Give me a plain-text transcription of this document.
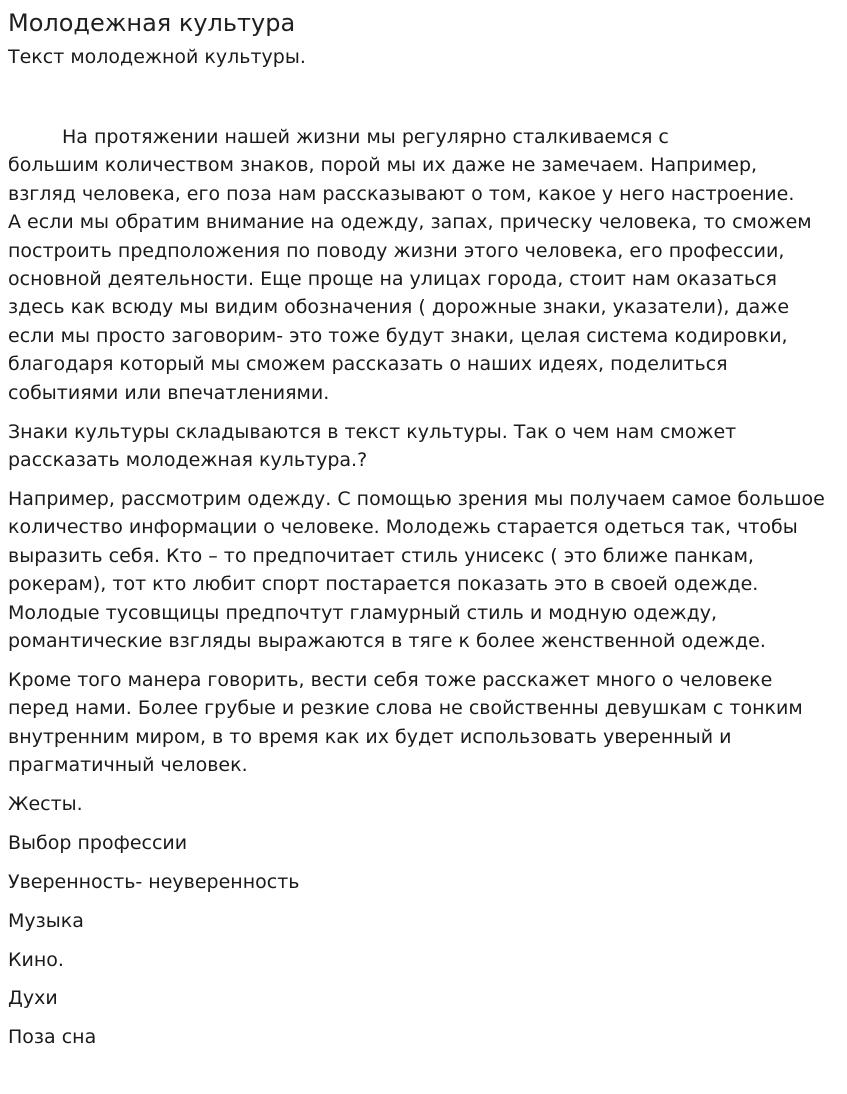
Молодежная культура
Текст молодежной культуры.

На протяжении нашей жизни мы регулярно сталкиваемся с
большим количеством знаков, порой мы их даже не замечаем. Например,
взгляд человека, его поза нам рассказывают о том, какое у него настроение.
А если мы обратим внимание на одежду, запах, прическу человека, то сможем построить предположения по поводу жизни этого человека, его профессии, основной деятельности. Еще проще на улицах города, стоит нам оказаться здесь как всюду мы видим обозначения ( дорожные знаки, указатели), даже если мы просто заговорим- это тоже будут знаки, целая система кодировки, благодаря который мы сможем рассказать о наших идеях, поделиться событиями или впечатлениями.

Знаки культуры складываются в текст культуры. Так о чем нам сможет рассказать молодежная культура.?

Например, рассмотрим одежду. С помощью зрения мы получаем самое большое количество информации о человеке. Молодежь старается одеться так, чтобы выразить себя. Кто – то предпочитает стиль унисекс ( это ближе панкам, рокерам), тот кто любит спорт постарается показать это в своей одежде. Молодые тусовщицы предпочтут гламурный стиль и модную одежду, романтические взгляды выражаются в тяге к более женственной одежде.

Кроме того манера говорить, вести себя тоже расскажет много о человеке перед нами. Более грубые и резкие слова не свойственны девушкам с тонким внутренним миром, в то время как их будет использовать уверенный и прагматичный человек.

Жесты.
Выбор профессии
Уверенность- неуверенность
Музыка
Кино.
Духи
Поза сна
